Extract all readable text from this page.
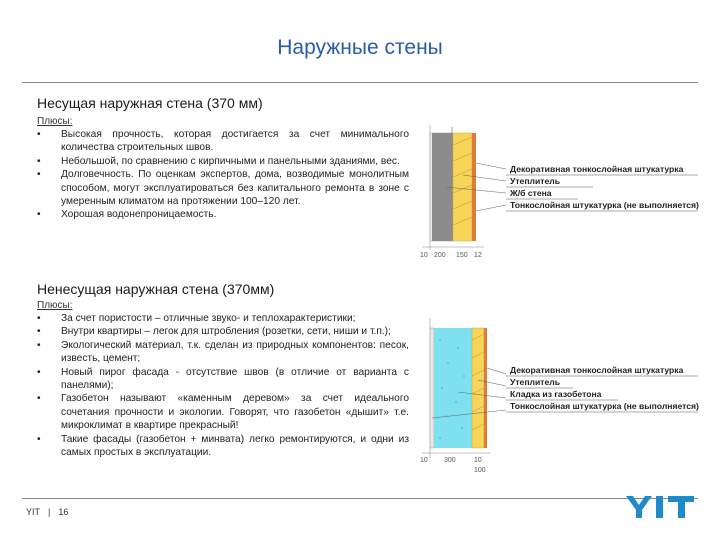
Наружные стены
Несущая наружная стена (370 мм)
Плюсы:
• Высокая прочность, которая достигается за счет минимального количества строительных швов.
• Небольшой, по сравнению с кирпичными и панельными зданиями, вес.
• Долговечность. По оценкам экспертов, дома, возводимые монолитным способом, могут эксплуатироваться без капитального ремонта в зоне с умеренным климатом на протяжении 100–120 лет.
• Хорошая водонепроницаемость.
Декоративная тонкослойная штукатурка
Утеплитель
Ж/б стена
Тонкослойная штукатурка (не выполняется)
10 200 150 12
Ненесущая наружная стена (370мм)
Плюсы:
• За счет пористости – отличные звуко- и теплохарактеристики;
• Внутри квартиры – легок для штробления (розетки, сети, ниши и т.п.);
• Экологический материал, т.к. сделан из природных компонентов: песок, известь, цемент;
• Новый пирог фасада - отсутствие швов (в отличие от варианта с панелями);
• Газобетон называют «каменным деревом» за счет идеального сочетания прочности и экологии. Говорят, что газобетон «дышит» т.е. микроклимат в квартире прекрасный!
• Такие фасады (газобетон + минвата) легко ремонтируются, и одни из самых простых в эксплуатации.
Декоративная тонкослойная штукатурка
Утеплитель
Кладка из газобетона
Тонкослойная штукатурка (не выполняется)
10 300	10
100
YIT | 16
